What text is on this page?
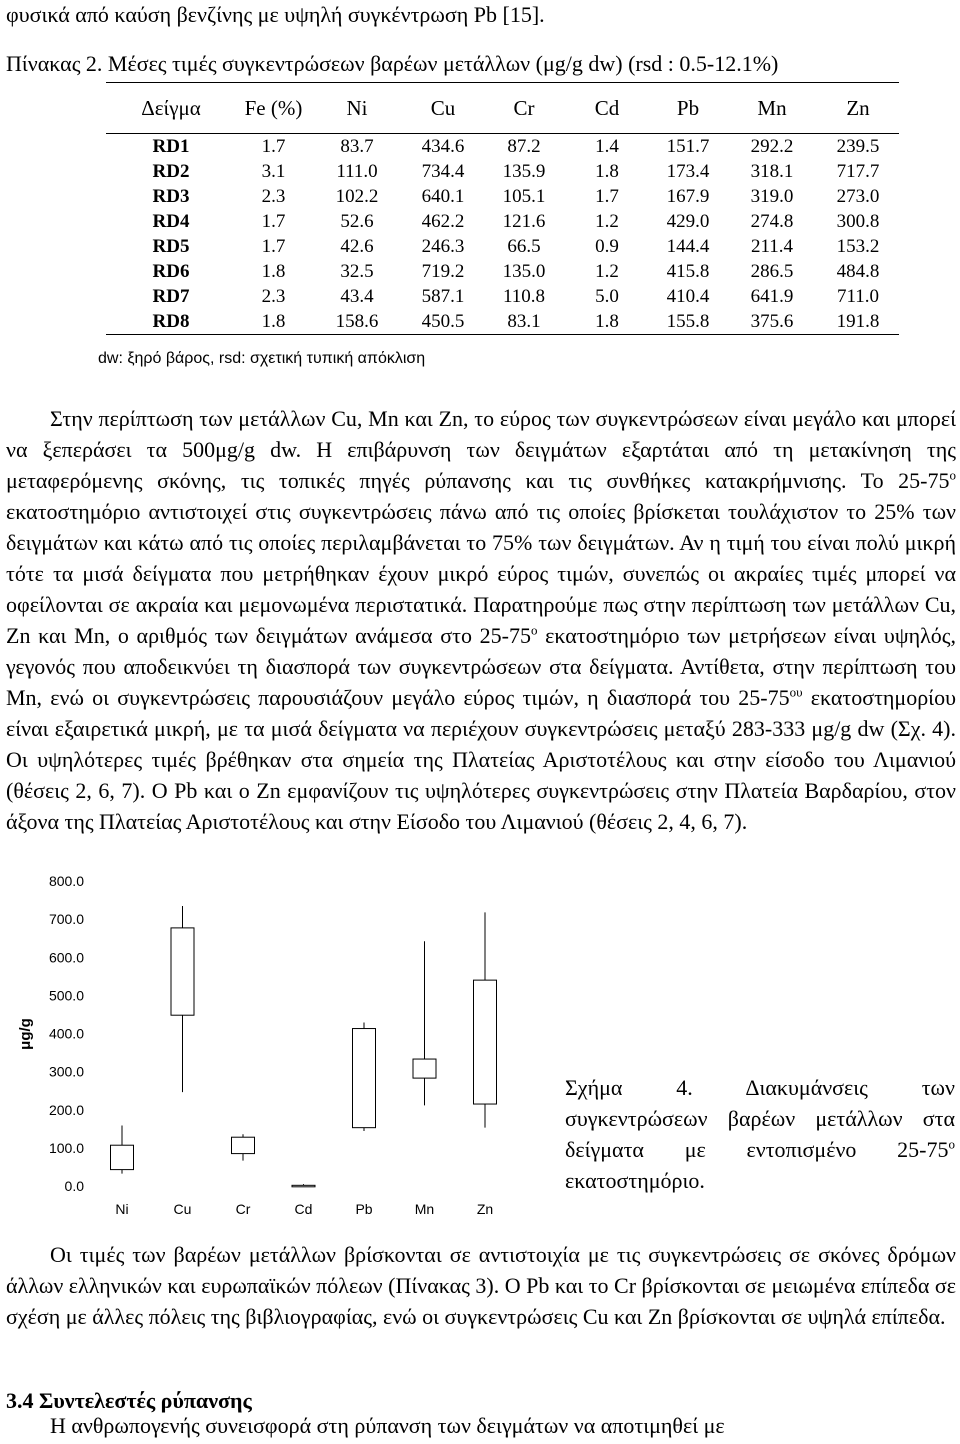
φυσικά από καύση βενζίνης με υψηλή συγκέντρωση Pb [15].
Πίνακας 2. Μέσες τιμές συγκεντρώσεων βαρέων μετάλλων (μg/g dw) (rsd : 0.5-12.1%)
Δείγμα	Fe (%)	Ni	Cu	Cr	Cd	Pb	Mn	Zn
RD1	1.7	83.7	434.6	87.2	1.4	151.7	292.2	239.5
RD2	3.1	111.0	734.4	135.9	1.8	173.4	318.1	717.7
RD3	2.3	102.2	640.1	105.1	1.7	167.9	319.0	273.0
RD4	1.7	52.6	462.2	121.6	1.2	429.0	274.8	300.8
RD5	1.7	42.6	246.3	66.5	0.9	144.4	211.4	153.2
RD6	1.8	32.5	719.2	135.0	1.2	415.8	286.5	484.8
RD7	2.3	43.4	587.1	110.8	5.0	410.4	641.9	711.0
RD8	1.8	158.6	450.5	83.1	1.8	155.8	375.6	191.8
dw: ξηρό βάρος, rsd: σχετική τυπική απόκλιση
Στην περίπτωση των μετάλλων Cu, Mn και Zn, το εύρος των συγκεντρώσεων είναι μεγάλο και μπορεί να ξεπεράσει τα 500μg/g dw. Η επιβάρυνση των δειγμάτων εξαρτάται από τη μετακίνηση της μεταφερόμενης σκόνης, τις τοπικές πηγές ρύπανσης και τις συνθήκες κατακρήμνισης. Το $25-75^o$ εκατοστημόριο αντιστοιχεί στις συγκεντρώσεις πάνω από τις οποίες βρίσκεται τουλάχιστον το 25% των δειγμάτων και κάτω από τις οποίες περιλαμβάνεται το 75% των δειγμάτων. Αν η τιμή του είναι πολύ μικρή τότε τα μισά δείγματα που μετρήθηκαν έχουν μικρό εύρος τιμών, συνεπώς οι ακραίες τιμές μπορεί να οφείλονται σε ακραία και μεμονωμένα περιστατικά. Παρατηρούμε πως στην περίπτωση των μετάλλων Cu, Zn και Mn, ο αριθμός των δειγμάτων ανάμεσα στο $25-75^o$ εκατοστημόριο των μετρήσεων είναι υψηλός, γεγονός που αποδεικνύει τη διασπορά των συγκεντρώσεων στα δείγματα. Αντίθετα, στην περίπτωση του Mn, ενώ οι συγκεντρώσεις παρουσιάζουν μεγάλο εύρος τιμών, η διασπορά του $25-75^{o\upsilon}$ εκατοστημορίου είναι εξαιρετικά μικρή, με τα μισά δείγματα να περιέχουν συγκεντρώσεις μεταξύ 283-333 μg/g dw (Σχ. 4). Οι υψηλότερες τιμές βρέθηκαν στα σημεία της Πλατείας Αριστοτέλους και στην είσοδο του Λιμανιού (θέσεις 2, 6, 7). Ο Pb και ο Zn εμφανίζουν τις υψηλότερες συγκεντρώσεις στην Πλατεία Βαρδαρίου, στον άξονα της Πλατείας Αριστοτέλους και στην Είσοδο του Λιμανιού (θέσεις 2, 4, 6, 7).
0.0
100.0
200.0
300.0
400.0
500.0
600.0
700.0
800.0
μg/g
Ni	Cu	Cr	Cd	Pb	Mn	Zn
Σχήμα 4. Διακυμάνσεις των συγκεντρώσεων βαρέων μετάλλων στα δείγματα με εντοπισμένο $25-75^o$ εκατοστημόριο.
Οι τιμές των βαρέων μετάλλων βρίσκονται σε αντιστοιχία με τις συγκεντρώσεις σε σκόνες δρόμων άλλων ελληνικών και ευρωπαϊκών πόλεων (Πίνακας 3). Ο Pb και το Cr βρίσκονται σε μειωμένα επίπεδα σε σχέση με άλλες πόλεις της βιβλιογραφίας, ενώ οι συγκεντρώσεις Cu και Zn βρίσκονται σε υψηλά επίπεδα.
3.4 Συντελεστές ρύπανσης
Η ανθρωπογενής συνεισφορά στη ρύπανση των δειγμάτων να αποτιμηθεί με
